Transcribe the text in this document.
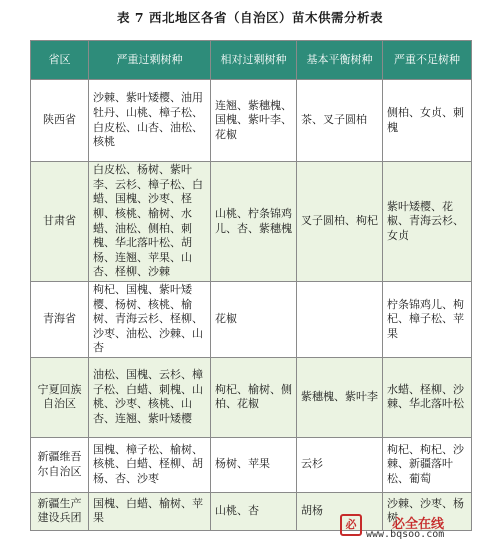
表 7 西北地区各省（自治区）苗木供需分析表
省区	严重过剩树种	相对过剩树种	基本平衡树种	严重不足树种
陕西省	沙棘、紫叶矮樱、油用牡丹、山桃、樟子松、白皮松、山杏、油松、核桃	连翘、紫穗槐、国槐、紫叶李、花椒	茶、叉子圆柏	侧柏、女贞、刺槐
甘肃省	白皮松、杨树、紫叶李、云杉、樟子松、白蜡、国槐、沙枣、柽柳、核桃、榆树、水蜡、油松、侧柏、刺槐、华北落叶松、胡杨、连翘、苹果、山杏、柽柳、沙棘	山桃、柠条锦鸡儿、杏、紫穗槐	叉子圆柏、枸杞	紫叶矮樱、花椒、青海云杉、女贞
青海省	枸杞、国槐、紫叶矮樱、杨树、核桃、榆树、青海云杉、柽柳、沙枣、油松、沙棘、山杏	花椒		柠条锦鸡儿、枸杞、樟子松、苹果
宁夏回族自治区	油松、国槐、云杉、樟子松、白蜡、刺槐、山桃、沙枣、核桃、山杏、连翘、紫叶矮樱	枸杞、榆树、侧柏、花椒	紫穗槐、紫叶李	水蜡、柽柳、沙棘、华北落叶松
新疆维吾尔自治区	国槐、樟子松、榆树、核桃、白蜡、柽柳、胡杨、杏、沙枣	杨树、苹果	云杉	枸杞、枸杞、沙棘、新疆落叶松、葡萄
新疆生产建设兵团	国槐、白蜡、榆树、苹果	山桃、杏	胡杨	沙棘、沙枣、杨树
必	必全在线
www.bqsoo.com
